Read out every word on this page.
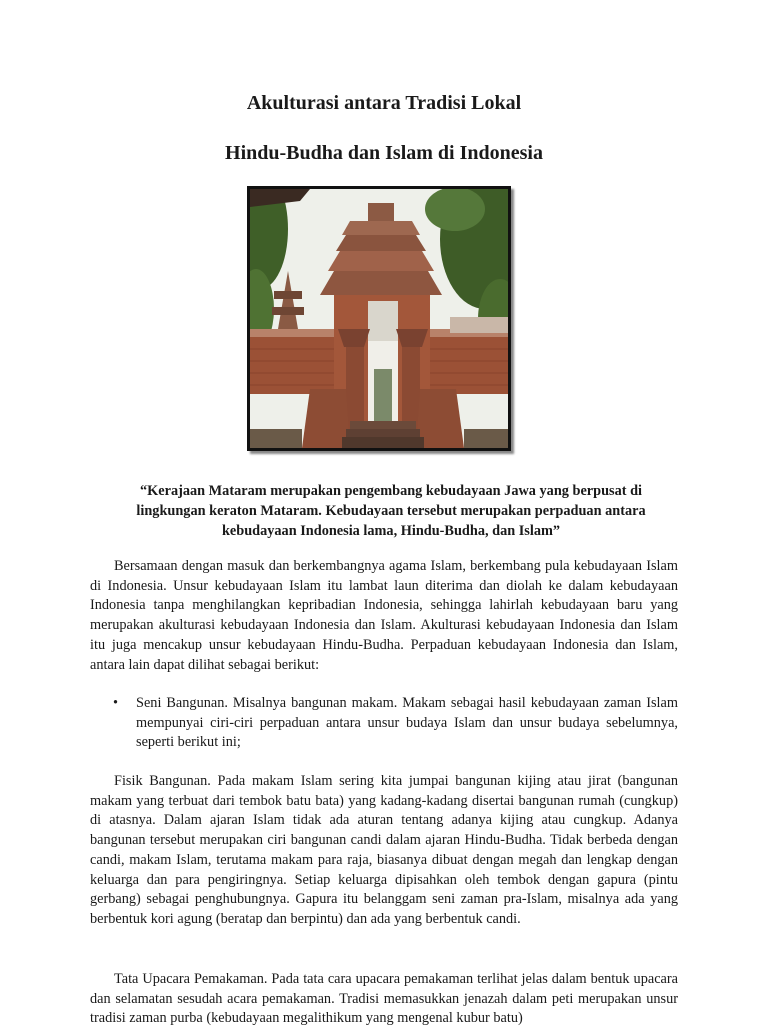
Akulturasi antara Tradisi Lokal
Hindu-Budha dan Islam di Indonesia

“Kerajaan Mataram merupakan pengembang kebudayaan Jawa yang berpusat di lingkungan keraton Mataram. Kebudayaan tersebut merupakan perpaduan antara kebudayaan Indonesia lama, Hindu-Budha, dan Islam”

Bersamaan dengan masuk dan berkembangnya agama Islam, berkembang pula kebudayaan Islam di Indonesia. Unsur kebudayaan Islam itu lambat laun diterima dan diolah ke dalam kebudayaan Indonesia tanpa menghilangkan kepribadian Indonesia, sehingga lahirlah kebudayaan baru yang merupakan akulturasi kebudayaan Indonesia dan Islam. Akulturasi kebudayaan Indonesia dan Islam itu juga mencakup unsur kebudayaan Hindu-Budha. Perpaduan kebudayaan Indonesia dan Islam, antara lain dapat dilihat sebagai berikut:

• Seni Bangunan. Misalnya bangunan makam. Makam sebagai hasil kebudayaan zaman Islam mempunyai ciri-ciri perpaduan antara unsur budaya Islam dan unsur budaya sebelumnya, seperti berikut ini;

Fisik Bangunan. Pada makam Islam sering kita jumpai bangunan kijing atau jirat (bangunan makam yang terbuat dari tembok batu bata) yang kadang-kadang disertai bangunan rumah (cungkup) di atasnya. Dalam ajaran Islam tidak ada aturan tentang adanya kijing atau cungkup. Adanya bangunan tersebut merupakan ciri bangunan candi dalam ajaran Hindu-Budha. Tidak berbeda dengan candi, makam Islam, terutama makam para raja, biasanya dibuat dengan megah dan lengkap dengan keluarga dan para pengiringnya. Setiap keluarga dipisahkan oleh tembok dengan gapura (pintu gerbang) sebagai penghubungnya. Gapura itu belanggam seni zaman pra-Islam, misalnya ada yang berbentuk kori agung (beratap dan berpintu) dan ada yang berbentuk candi.

Tata Upacara Pemakaman. Pada tata cara upacara pemakaman terlihat jelas dalam bentuk upacara dan selamatan sesudah acara pemakaman. Tradisi memasukkan jenazah dalam peti merupakan unsur tradisi zaman purba (kebudayaan megalithikum yang mengenal kubur batu)
